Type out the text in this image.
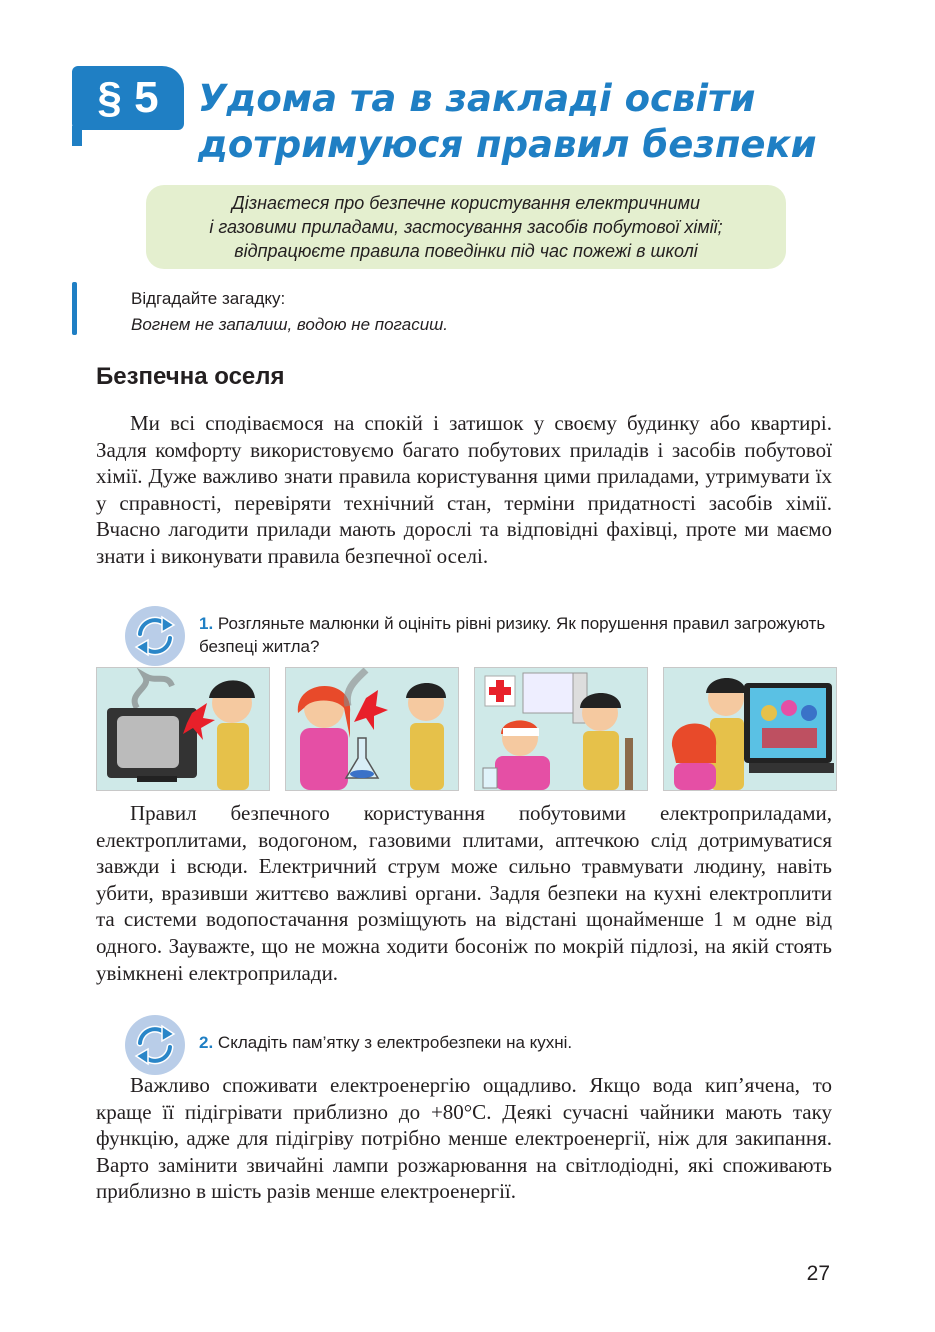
§ 5	Удома та в закладі освіти
дотримуюся правил безпеки
Дізнаєтеся про безпечне користування електричними
і газовими приладами, застосування засобів побутової хімії;
відпрацюєте правила поведінки під час пожежі в школі
Відгадайте загадку:
Вогнем не запалиш, водою не погасиш.
Безпечна оселя

Ми всі сподіваємося на спокій і затишок у своєму будинку або квартирі. Задля комфорту використовуємо багато побутових приладів і засобів побутової хімії. Дуже важливо знати правила користування цими приладами, утримувати їх у справності, перевіряти технічний стан, терміни придатності засобів хімії. Вчасно лагодити прилади мають дорослі та відповідні фахівці, проте ми маємо знати і виконувати правила безпечної оселі.

1. Розгляньте малюнки й оцініть рівні ризику. Як порушення правил загрожують безпеці житла?

Правил безпечного користування побутовими електроприладами, електроплитами, водогоном, газовими плитами, аптечкою слід дотримуватися завжди і всюди. Електричний струм може сильно травмувати людину, навіть убити, вразивши життєво важливі органи. Задля безпеки на кухні електроплити та системи водопостачання розміщують на відстані щонайменше 1 м одне від одного. Зауважте, що не можна ходити босоніж по мокрій підлозі, на якій стоять увімкнені електроприлади.

2. Складіть пам’ятку з електробезпеки на кухні.

Важливо споживати електроенергію ощадливо. Якщо вода кип’ячена, то краще її підігрівати приблизно до +80°С. Деякі сучасні чайники мають таку функцію, адже для підігріву потрібно менше електроенергії, ніж для закипання. Варто замінити звичайні лампи розжарювання на світлодіодні, які споживають приблизно в шість разів менше електроенергії.

27
